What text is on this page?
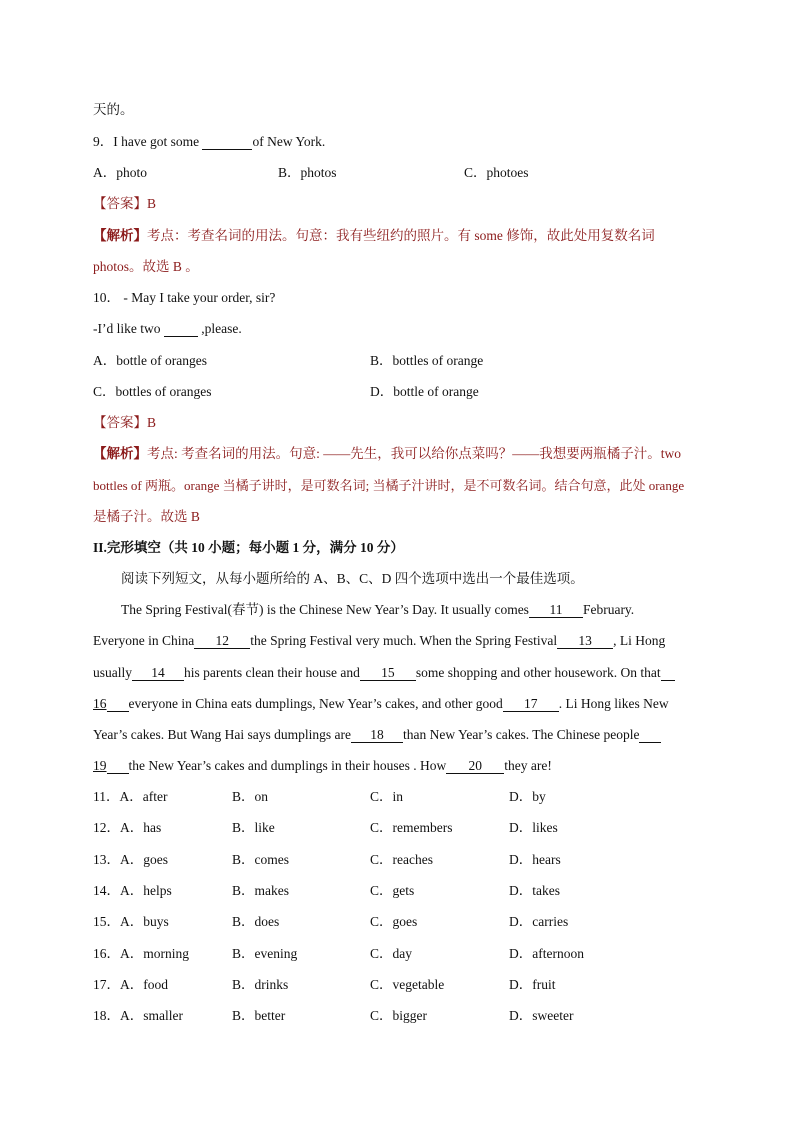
天的。
9．I have got some	of New York.
A．photo	B．photos	C．photoes
【答案】B
【解析】考点：考查名词的用法。句意：我有些纽约的照片。有 some 修饰，故此处用复数名词
photos。故选 B 。
10． - May I take your order, sir?
-I’d like two	,please.
A．bottle of oranges	B．bottles of orange
C．bottles of oranges	D．bottle of orange
【答案】B
【解析】考点: 考查名词的用法。句意: ——先生，我可以给你点菜吗？——我想要两瓶橘子汁。two
bottles of 两瓶。orange 当橘子讲时，是可数名词; 当橘子汁讲时，是不可数名词。结合句意，此处 orange
是橘子汁。故选 B
II.完形填空（共 10 小题；每小题 1 分，满分 10 分）
阅读下列短文，从每小题所给的 A、B、C、D 四个选项中选出一个最佳选项。
The Spring Festival(春节) is the Chinese New Year’s Day. It usually comes 11 February.
Everyone in China 12 the Spring Festival very much. When the Spring Festival 13 , Li Hong
usually 14 his parents clean their house and 15 some shopping and other housework. On that
16 everyone in China eats dumplings, New Year’s cakes, and other good 17 . Li Hong likes New
Year’s cakes. But Wang Hai says dumplings are 18 than New Year’s cakes. The Chinese people
19 the New Year’s cakes and dumplings in their houses . How 20 they are!
11．A．after	B．on	C．in	D．by
12．A．has	B．like	C．remembers	D．likes
13．A．goes	B．comes	C．reaches	D．hears
14．A．helps	B．makes	C．gets	D．takes
15．A．buys	B．does	C．goes	D．carries
16．A．morning	B．evening	C．day	D．afternoon
17．A．food	B．drinks	C．vegetable	D．fruit
18．A．smaller	B．better	C．bigger	D．sweeter
